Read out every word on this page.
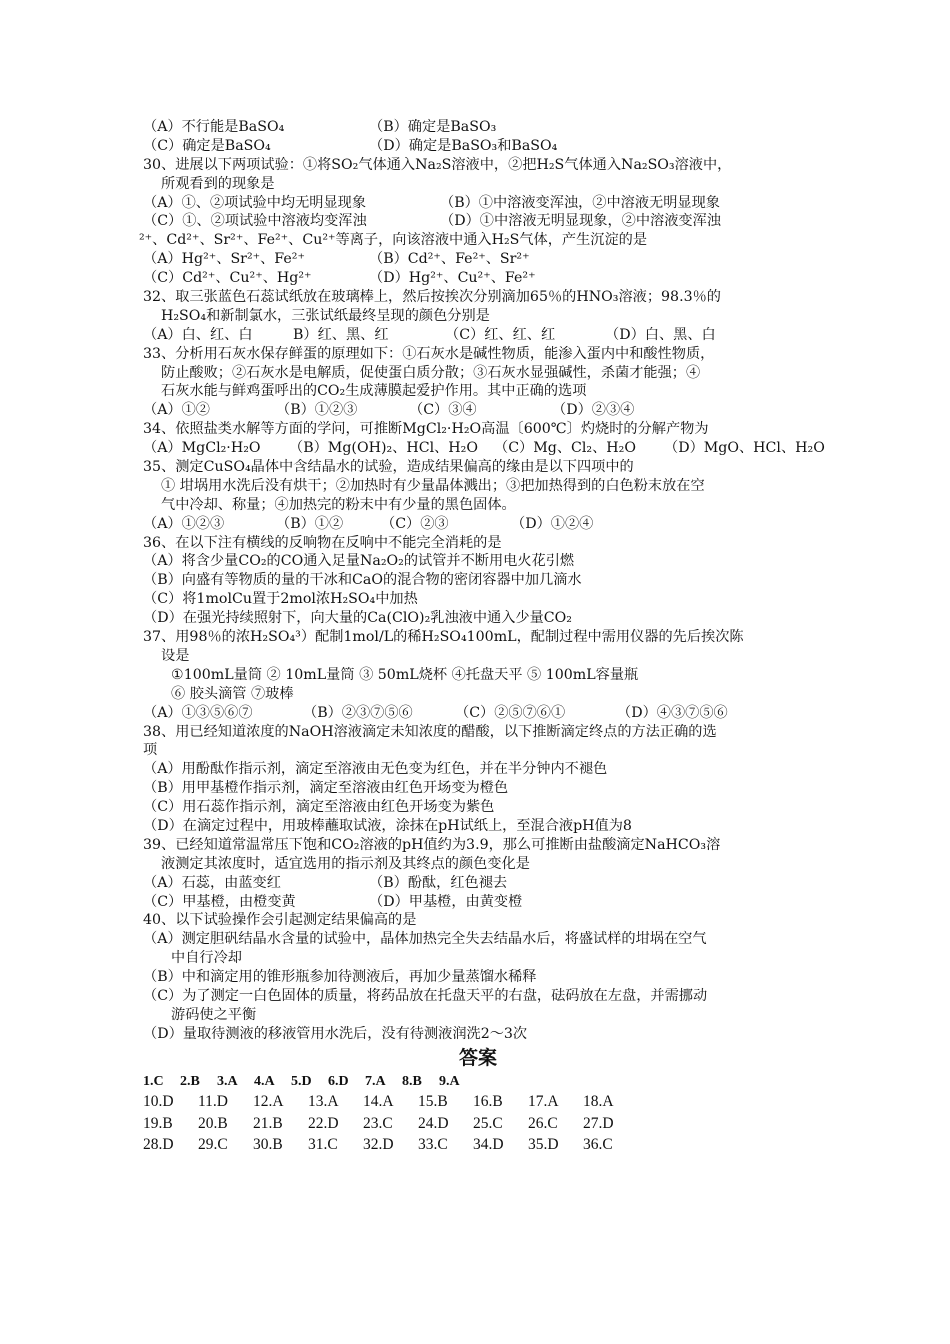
（A）不行能是BaSO₄	（B）确定是BaSO₃
（C）确定是BaSO₄	（D）确定是BaSO₃和BaSO₄
30、进展以下两项试验：①将SO₂气体通入Na₂S溶液中，②把H₂S气体通入Na₂SO₃溶液中，
所观看到的现象是
（A）①、②项试验中均无明显现象	（B）①中溶液变浑浊，②中溶液无明显现象
（C）①、②项试验中溶液均变浑浊	（D）①中溶液无明显现象，②中溶液变浑浊
²⁺、Cd²⁺、Sr²⁺、Fe²⁺、Cu²⁺等离子，向该溶液中通入H₂S气体，产生沉淀的是
（A）Hg²⁺、Sr²⁺、Fe²⁺	（B）Cd²⁺、Fe²⁺、Sr²⁺
（C）Cd²⁺、Cu²⁺、Hg²⁺	（D）Hg²⁺、Cu²⁺、Fe²⁺
32、取三张蓝色石蕊试纸放在玻璃棒上，然后按挨次分别滴加65％的HNO₃溶液；98.3％的
H₂SO₄和新制氯水，三张试纸最终呈现的颜色分别是
（A）白、红、白	B）红、黑、红	（C）红、红、红	（D）白、黑、白
33、分析用石灰水保存鲜蛋的原理如下：①石灰水是碱性物质，能渗入蛋内中和酸性物质，
防止酸败；②石灰水是电解质，促使蛋白质分散；③石灰水显强碱性，杀菌才能强；④
石灰水能与鲜鸡蛋呼出的CO₂生成薄膜起爱护作用。其中正确的选项
（A）①②	（B）①②③	（C）③④	（D）②③④
34、依照盐类水解等方面的学问，可推断MgCl₂·H₂O高温〔600℃〕灼烧时的分解产物为
（A）MgCl₂·H₂O （B）Mg(OH)₂、HCl、H₂O （C）Mg、Cl₂、H₂O （D）MgO、HCl、H₂O
35、测定CuSO₄晶体中含结晶水的试验，造成结果偏高的缘由是以下四项中的
① 坩埚用水洗后没有烘干；②加热时有少量晶体溅出；③把加热得到的白色粉末放在空
气中冷却、称量；④加热完的粉末中有少量的黑色固体。
（A）①②③	（B）①②	（C）②③	（D）①②④
36、在以下注有横线的反响物在反响中不能完全消耗的是
（A）将含少量CO₂的CO通入足量Na₂O₂的试管并不断用电火花引燃
（B）向盛有等物质的量的干冰和CaO的混合物的密闭容器中加几滴水
（C）将1molCu置于2mol浓H₂SO₄中加热
（D）在强光持续照射下，向大量的Ca(ClO)₂乳浊液中通入少量CO₂
37、用98％的浓H₂SO₄³）配制1mol/L的稀H₂SO₄100mL，配制过程中需用仪器的先后挨次陈
设是
①100mL量筒 ② 10mL量筒 ③ 50mL烧杯 ④托盘天平 ⑤ 100mL容量瓶
⑥ 胶头滴管 ⑦玻棒
（A）①③⑤⑥⑦	（B）②③⑦⑤⑥	（C）②⑤⑦⑥①	（D）④③⑦⑤⑥
38、用已经知道浓度的NaOH溶液滴定未知浓度的醋酸，以下推断滴定终点的方法正确的选
项
（A）用酚酞作指示剂，滴定至溶液由无色变为红色，并在半分钟内不褪色
（B）用甲基橙作指示剂，滴定至溶液由红色开场变为橙色
（C）用石蕊作指示剂，滴定至溶液由红色开场变为紫色
（D）在滴定过程中，用玻棒蘸取试液，涂抹在pH试纸上，至混合液pH值为8
39、已经知道常温常压下饱和CO₂溶液的pH值约为3.9，那么可推断由盐酸滴定NaHCO₃溶
液测定其浓度时，适宜选用的指示剂及其终点的颜色变化是
（A）石蕊，由蓝变红	（B）酚酞，红色褪去
（C）甲基橙，由橙变黄	（D）甲基橙，由黄变橙
40、以下试验操作会引起测定结果偏高的是
（A）测定胆矾结晶水含量的试验中，晶体加热完全失去结晶水后，将盛试样的坩埚在空气
中自行冷却
（B）中和滴定用的锥形瓶参加待测液后，再加少量蒸馏水稀释
（C）为了测定一白色固体的质量，将药品放在托盘天平的右盘，砝码放在左盘，并需挪动
游码使之平衡
（D）量取待测液的移液管用水洗后，没有待测液润洗2～3次
答案
1.C 2.B 3.A 4.A 5.D 6.D 7.A 8.B 9.A
10.D 11.D 12.A 13.A 14.A 15.B 16.B 17.A 18.A
19.B 20.B 21.B 22.D 23.C 24.D 25.C 26.C 27.D
28.D 29.C 30.B 31.C 32.D 33.C 34.D 35.D 36.C
